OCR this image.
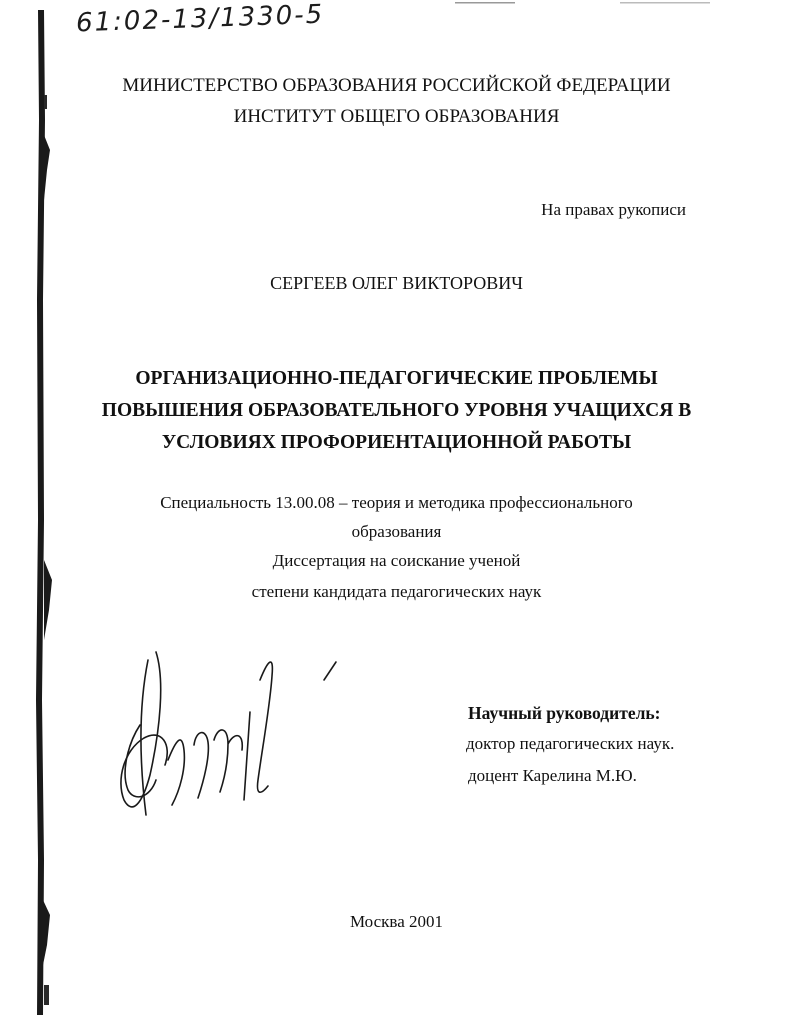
61:02-13/1330-5
МИНИСТЕРСТВО ОБРАЗОВАНИЯ РОССИЙСКОЙ ФЕДЕРАЦИИ
ИНСТИТУТ ОБЩЕГО ОБРАЗОВАНИЯ
На правах рукописи
СЕРГЕЕВ ОЛЕГ ВИКТОРОВИЧ
ОРГАНИЗАЦИОННО-ПЕДАГОГИЧЕСКИЕ ПРОБЛЕМЫ
ПОВЫШЕНИЯ ОБРАЗОВАТЕЛЬНОГО УРОВНЯ УЧАЩИХСЯ В
УСЛОВИЯХ ПРОФОРИЕНТАЦИОННОЙ РАБОТЫ
Специальность 13.00.08 – теория и методика профессионального
образования
Диссертация на соискание ученой
степени кандидата педагогических наук
Научный руководитель:
доктор педагогических наук.
доцент Карелина М.Ю.
Москва 2001
